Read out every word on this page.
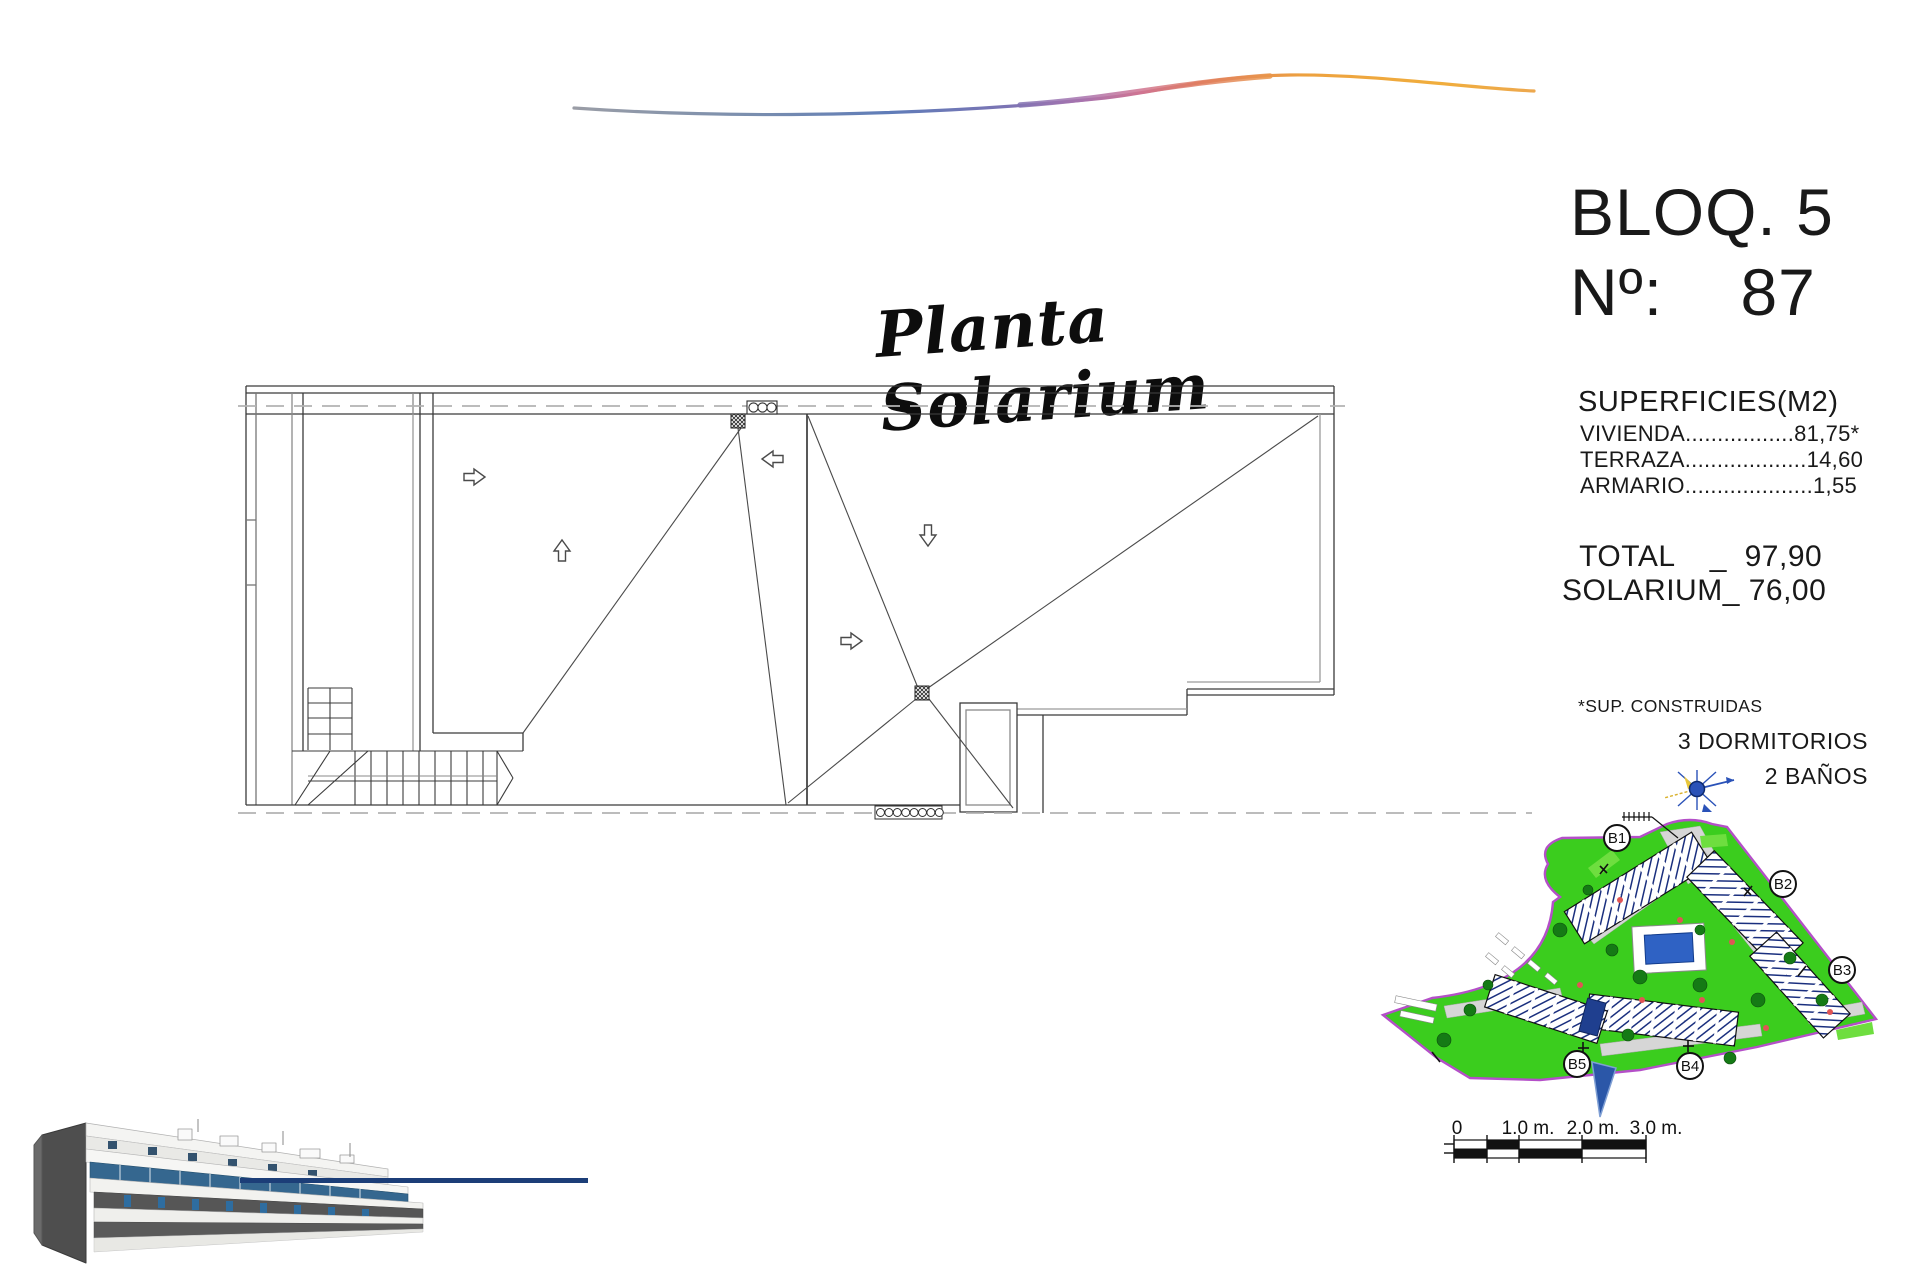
Planta Solarium
BLOQ. 5
Nº:    87
SUPERFICIES(M2)
VIVIENDA.................81,75*
TERRAZA...................14,60
ARMARIO....................1,55
TOTAL    _  97,90
SOLARIUM_ 76,00
*SUP. CONSTRUIDAS
3 DORMITORIOS
2 BAÑOS
B1
B2
B3
B4
B5
0 1.0 m. 2.0 m. 3.0 m.
